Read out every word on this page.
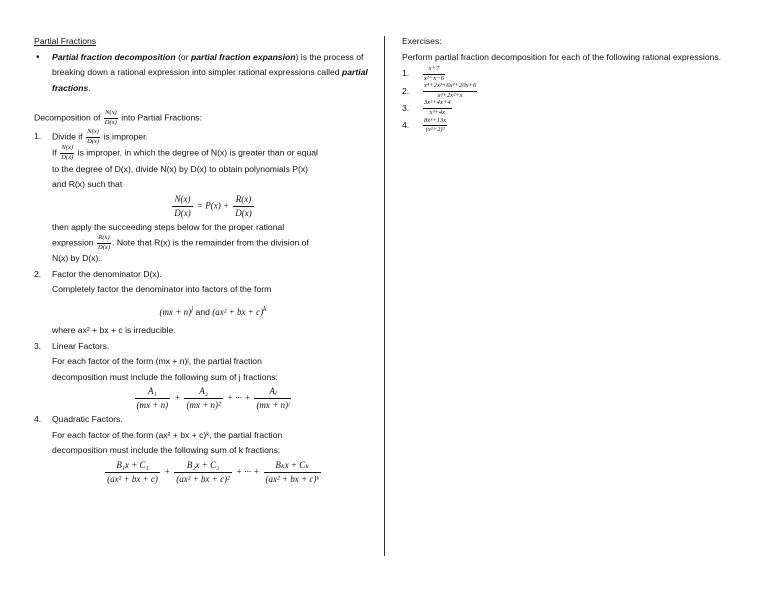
Partial Fractions
• Partial fraction decomposition (or partial fraction expansion) is the process of breaking down a rational expression into simpler rational expressions called partial fractions.
Decomposition of $\frac{N(x)}{D(x)}$ into Partial Fractions:
1. Divide if $\frac{N(x)}{D(x)}$ is improper.
If $\frac{N(x)}{D(x)}$ is improper, in which the degree of N(x) is greater than or equal
to the degree of D(x), divide N(x) by D(x) to obtain polynomials P(x)
and R(x) such that
$\frac{N(x)}{D(x)} = P(x) + \frac{R(x)}{D(x)}$
then apply the succeeding steps below for the proper rational
expression $\frac{R(x)}{D(x)}$ . Note that R(x) is the remainder from the division of
N(x) by D(x).
2. Factor the denominator D(x).
Completely factor the denominator into factors of the form
(mx + n)$^j$ and (ax² + bx + c)$^k$
where ax² + bx + c is irreducible.
3. Linear Factors.
For each factor of the form (mx + n)ʲ, the partial fraction
decomposition must include the following sum of j fractions:
$\frac{\text{A₁}}{(mx + n)} + \frac{\text{A₂}}{\text{(mx + n)²}}$ + ··· + $\frac{\text{Aⱼ}}{\text{(mx + n)ʲ}}$
4. Quadratic Factors.
For each factor of the form (ax² + bx + c)ᵏ, the partial fraction
decomposition must include the following sum of k fractions:
$\frac{\text{B₁x + C₁}}{\text{(ax² + bx + c)}} + \frac{\text{B₂x + C₂}}{\text{(ax² + bx + c)²}}$ + ··· +
Bₖx + Cₖ
(ax² + bx + c)ᵏ
Exercises:
Perform partial fraction decomposition for each of the following rational expressions.
1.	$\frac{x+7}{\text{x²−x−6}}$
2.	$\frac{\text{x⁴+2x³+6x²+20x+6}}{\text{x³+2x²+x}}$
3.	$\frac{\text{3x²+4x+4}}{\text{x³+4x}}$
4.	$\frac{\text{8x³+13x}}{\text{(x²+2)²}}$
